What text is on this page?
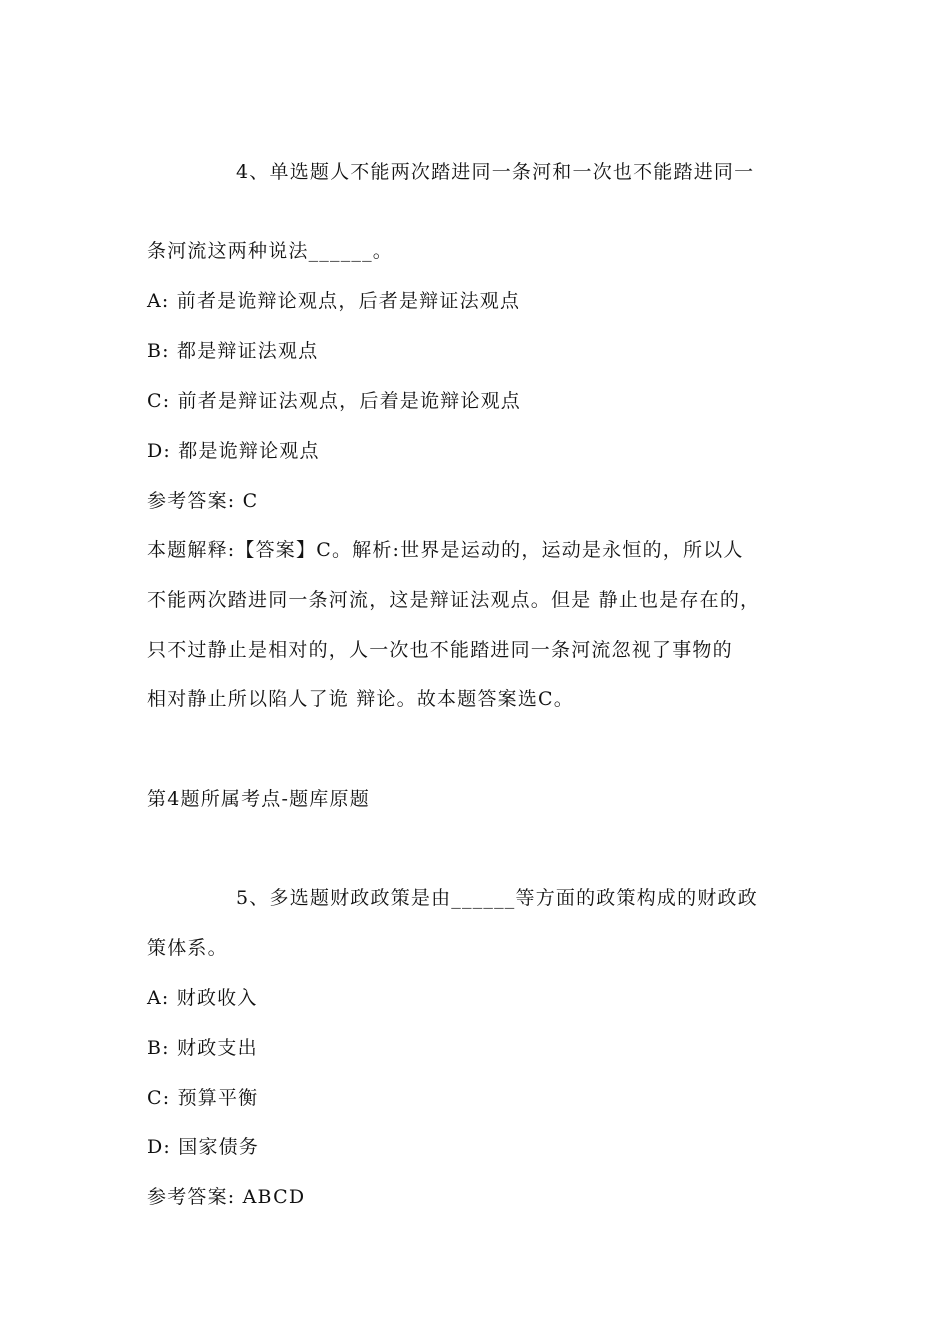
4、单选题人不能两次踏进同一条河和一次也不能踏进同一
条河流这两种说法______。
A: 前者是诡辩论观点，后者是辩证法观点
B: 都是辩证法观点
C: 前者是辩证法观点，后着是诡辩论观点
D: 都是诡辩论观点
参考答案: C
本题解释:【答案】C。解析:世界是运动的，运动是永恒的，所以人
不能两次踏进同一条河流，这是辩证法观点。但是 静止也是存在的，
只不过静止是相对的，人一次也不能踏进同一条河流忽视了事物的
相对静止所以陷人了诡 辩论。故本题答案选C。
第4题所属考点-题库原题
5、多选题财政政策是由______等方面的政策构成的财政政
策体系。
A: 财政收入
B: 财政支出
C: 预算平衡
D: 国家债务
参考答案: ABCD
